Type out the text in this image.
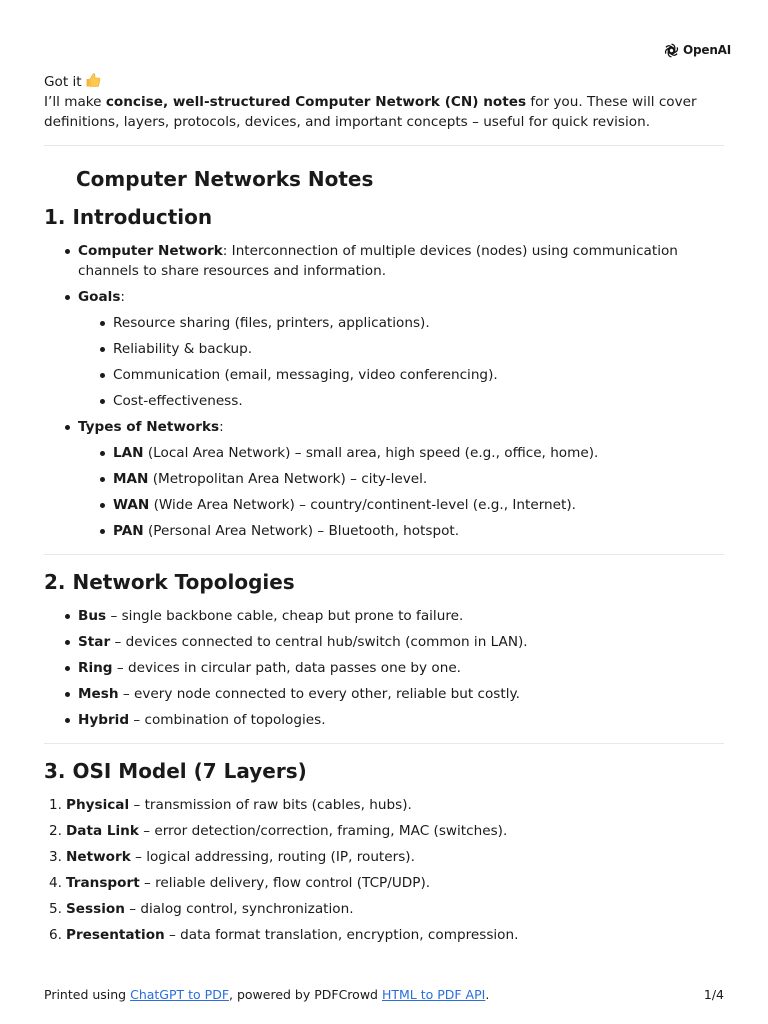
OpenAI

Got it

I’ll make concise, well-structured Computer Network (CN) notes for you. These will cover definitions, layers, protocols, devices, and important concepts – useful for quick revision.

Computer Networks Notes
1. Introduction
Computer Network: Interconnection of multiple devices (nodes) using communication channels to share resources and information.
Goals:
Resource sharing (files, printers, applications).
Reliability & backup.
Communication (email, messaging, video conferencing).
Cost-effectiveness.
Types of Networks:
LAN (Local Area Network) – small area, high speed (e.g., office, home).
MAN (Metropolitan Area Network) – city-level.
WAN (Wide Area Network) – country/continent-level (e.g., Internet).
PAN (Personal Area Network) – Bluetooth, hotspot.
2. Network Topologies
Bus – single backbone cable, cheap but prone to failure.
Star – devices connected to central hub/switch (common in LAN).
Ring – devices in circular path, data passes one by one.
Mesh – every node connected to every other, reliable but costly.
Hybrid – combination of topologies.
3. OSI Model (7 Layers)
1. Physical – transmission of raw bits (cables, hubs).
2. Data Link – error detection/correction, framing, MAC (switches).
3. Network – logical addressing, routing (IP, routers).
4. Transport – reliable delivery, flow control (TCP/UDP).
5. Session – dialog control, synchronization.
6. Presentation – data format translation, encryption, compression.
Printed using ChatGPT to PDF, powered by PDFCrowd HTML to PDF API.	1/4
